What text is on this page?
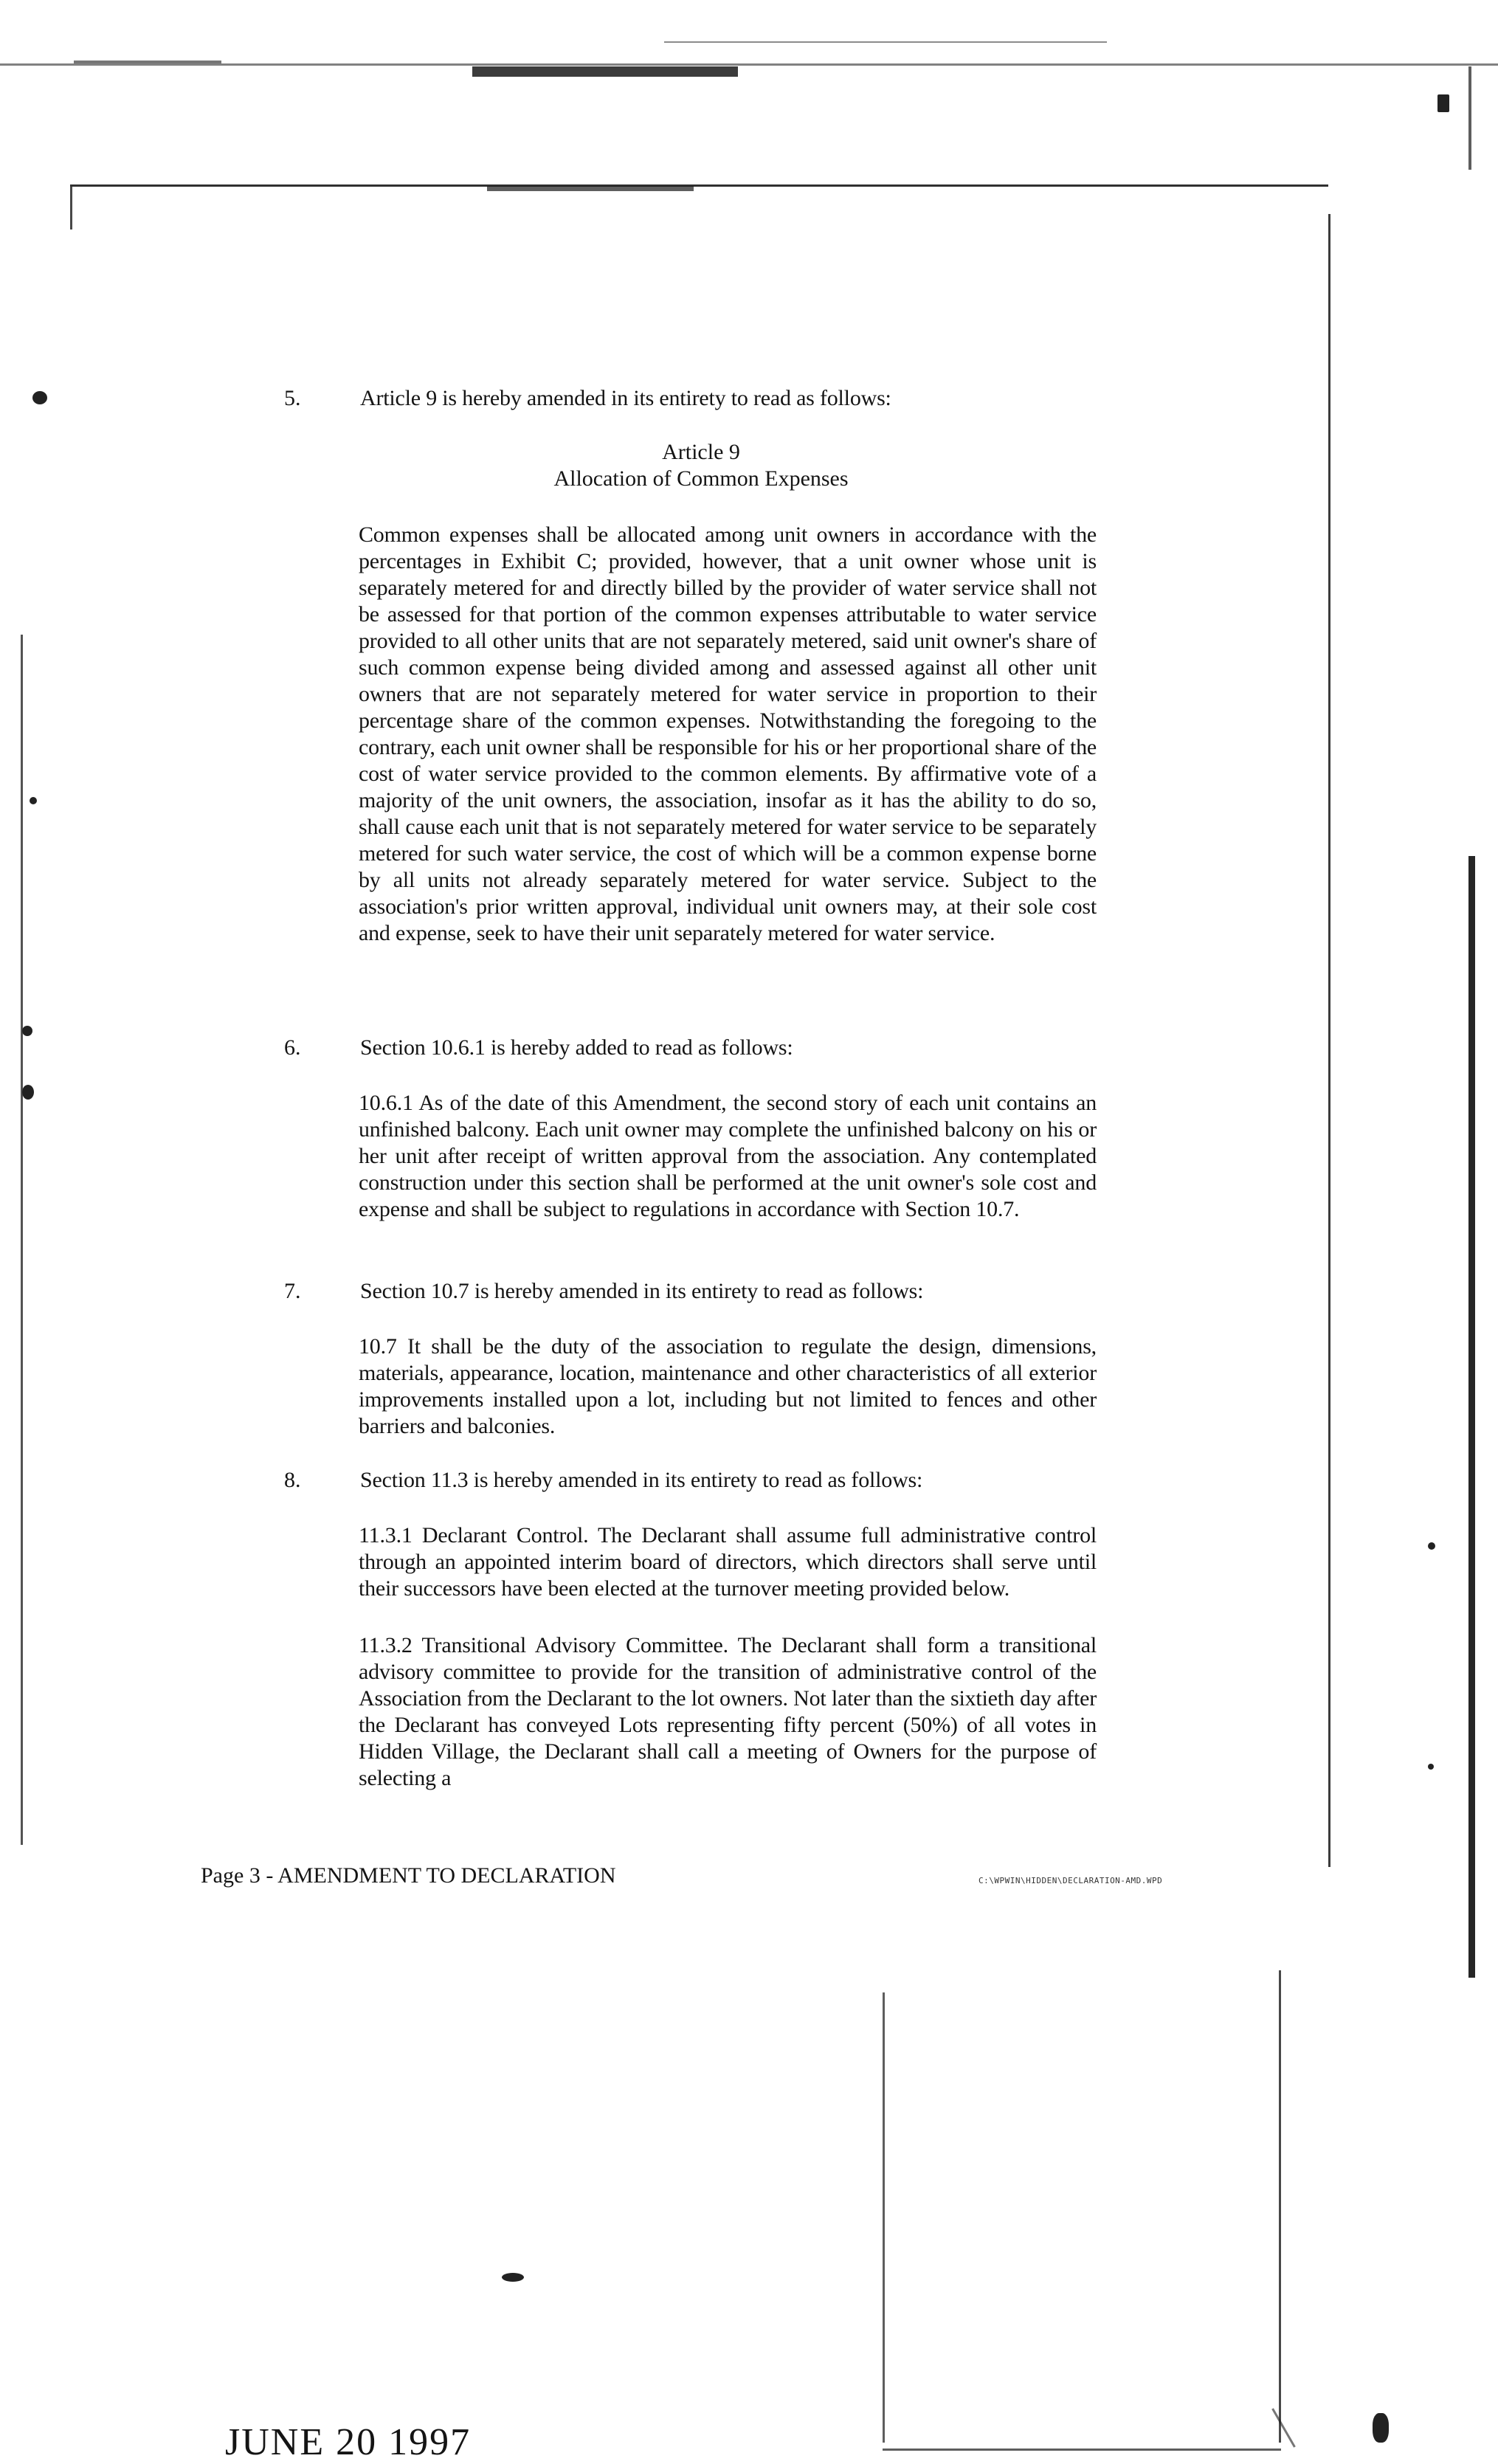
5.	Article 9 is hereby amended in its entirety to read as follows:
Article 9
Allocation of Common Expenses
Common expenses shall be allocated among unit owners in accordance with the percentages in Exhibit C; provided, however, that a unit owner whose unit is separately metered for and directly billed by the provider of water service shall not be assessed for that portion of the common expenses attributable to water service provided to all other units that are not separately metered, said unit owner's share of such common expense being divided among and assessed against all other unit owners that are not separately metered for water service in proportion to their percentage share of the common expenses. Notwithstanding the foregoing to the contrary, each unit owner shall be responsible for his or her proportional share of the cost of water service provided to the common elements. By affirmative vote of a majority of the unit owners, the association, insofar as it has the ability to do so, shall cause each unit that is not separately metered for water service to be separately metered for such water service, the cost of which will be a common expense borne by all units not already separately metered for water service. Subject to the association's prior written approval, individual unit owners may, at their sole cost and expense, seek to have their unit separately metered for water service.
6.	Section 10.6.1 is hereby added to read as follows:
10.6.1 As of the date of this Amendment, the second story of each unit contains an unfinished balcony. Each unit owner may complete the unfinished balcony on his or her unit after receipt of written approval from the association. Any contemplated construction under this section shall be performed at the unit owner's sole cost and expense and shall be subject to regulations in accordance with Section 10.7.
7.	Section 10.7 is hereby amended in its entirety to read as follows:
10.7 It shall be the duty of the association to regulate the design, dimensions, materials, appearance, location, maintenance and other characteristics of all exterior improvements installed upon a lot, including but not limited to fences and other barriers and balconies.
8.	Section 11.3 is hereby amended in its entirety to read as follows:
11.3.1 Declarant Control. The Declarant shall assume full administrative control through an appointed interim board of directors, which directors shall serve until their successors have been elected at the turnover meeting provided below.
11.3.2 Transitional Advisory Committee. The Declarant shall form a transitional advisory committee to provide for the transition of administrative control of the Association from the Declarant to the lot owners. Not later than the sixtieth day after the Declarant has conveyed Lots representing fifty percent (50%) of all votes in Hidden Village, the Declarant shall call a meeting of Owners for the purpose of selecting a
Page 3 - AMENDMENT TO DECLARATION	C:\WPWIN\HIDDEN\DECLARATION-AMD.WPD
JUNE 20 1997
